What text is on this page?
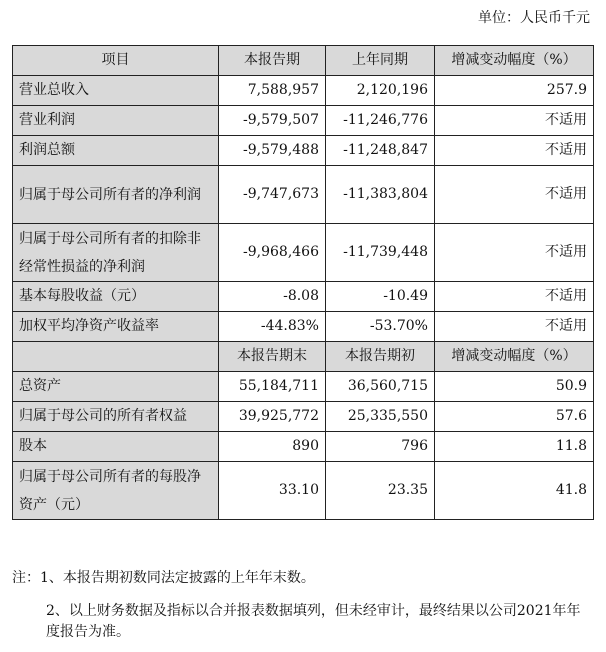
单位：人民币千元
项目	本报告期	上年同期	增减变动幅度（%）
营业总收入	7,588,957	2,120,196	257.9
营业利润	-9,579,507	-11,246,776	不适用
利润总额	-9,579,488	-11,248,847	不适用
归属于母公司所有者的净利润	-9,747,673	-11,383,804	不适用
归属于母公司所有者的扣除非经常性损益的净利润	-9,968,466	-11,739,448	不适用
基本每股收益（元）	-8.08	-10.49	不适用
加权平均净资产收益率	-44.83%	-53.70%	不适用
	本报告期末	本报告期初	增减变动幅度（%）
总资产	55,184,711	36,560,715	50.9
归属于母公司的所有者权益	39,925,772	25,335,550	57.6
股本	890	796	11.8
归属于母公司所有者的每股净资产（元）	33.10	23.35	41.8
注：1、本报告期初数同法定披露的上年年末数。
2、以上财务数据及指标以合并报表数据填列，但未经审计，最终结果以公司2021年年度报告为准。
